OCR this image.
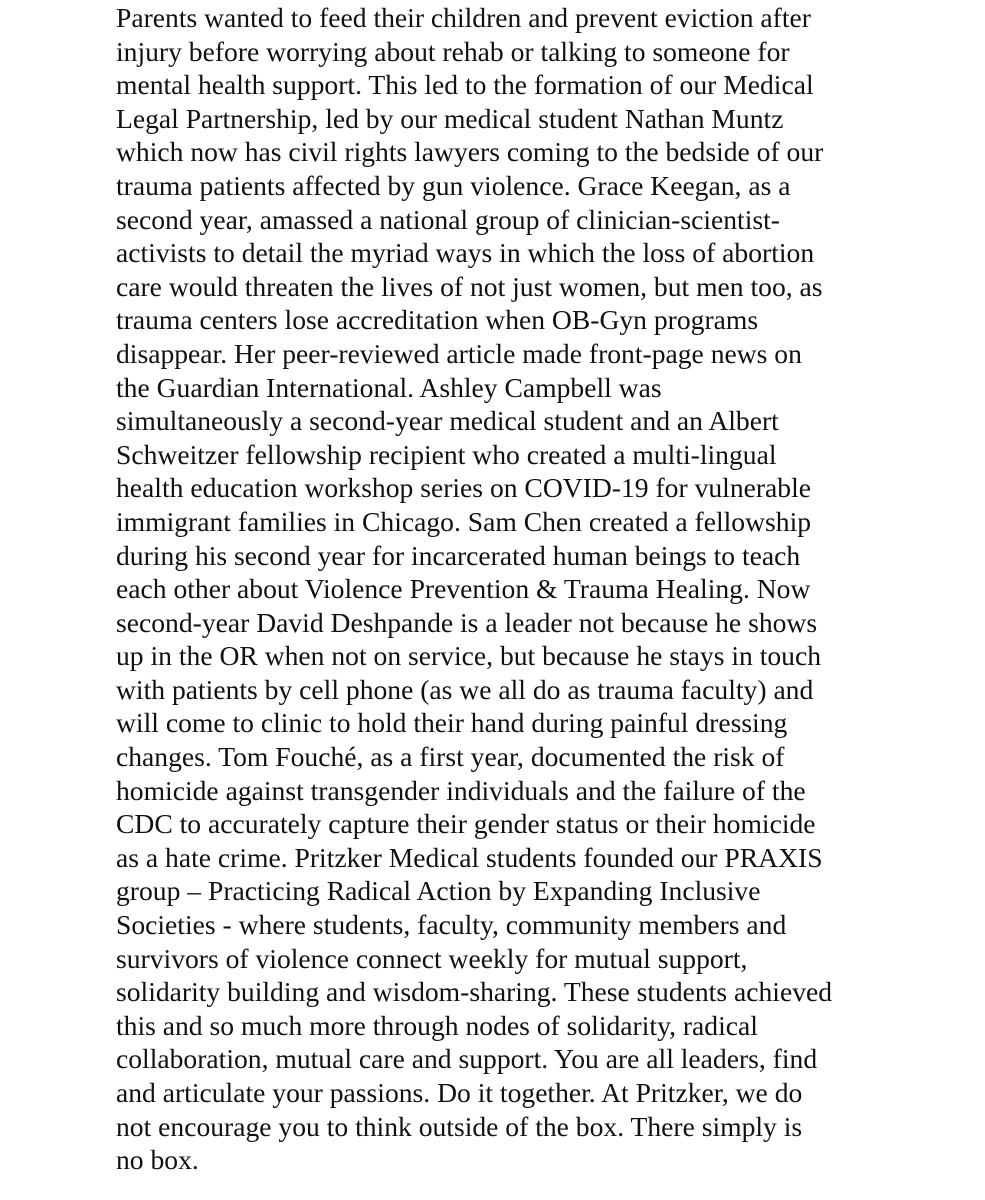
Parents wanted to feed their children and prevent eviction after
injury before worrying about rehab or talking to someone for
mental health support. This led to the formation of our Medical
Legal Partnership, led by our medical student Nathan Muntz
which now has civil rights lawyers coming to the bedside of our
trauma patients affected by gun violence. Grace Keegan, as a
second year, amassed a national group of clinician-scientist-
activists to detail the myriad ways in which the loss of abortion
care would threaten the lives of not just women, but men too, as
trauma centers lose accreditation when OB-Gyn programs
disappear. Her peer-reviewed article made front-page news on
the Guardian International. Ashley Campbell was
simultaneously a second-year medical student and an Albert
Schweitzer fellowship recipient who created a multi-lingual
health education workshop series on COVID-19 for vulnerable
immigrant families in Chicago. Sam Chen created a fellowship
during his second year for incarcerated human beings to teach
each other about Violence Prevention & Trauma Healing. Now
second-year David Deshpande is a leader not because he shows
up in the OR when not on service, but because he stays in touch
with patients by cell phone (as we all do as trauma faculty) and
will come to clinic to hold their hand during painful dressing
changes. Tom Fouché, as a first year, documented the risk of
homicide against transgender individuals and the failure of the
CDC to accurately capture their gender status or their homicide
as a hate crime. Pritzker Medical students founded our PRAXIS
group – Practicing Radical Action by Expanding Inclusive
Societies - where students, faculty, community members and
survivors of violence connect weekly for mutual support,
solidarity building and wisdom-sharing. These students achieved
this and so much more through nodes of solidarity, radical
collaboration, mutual care and support. You are all leaders, find
and articulate your passions. Do it together. At Pritzker, we do
not encourage you to think outside of the box. There simply is
no box.
